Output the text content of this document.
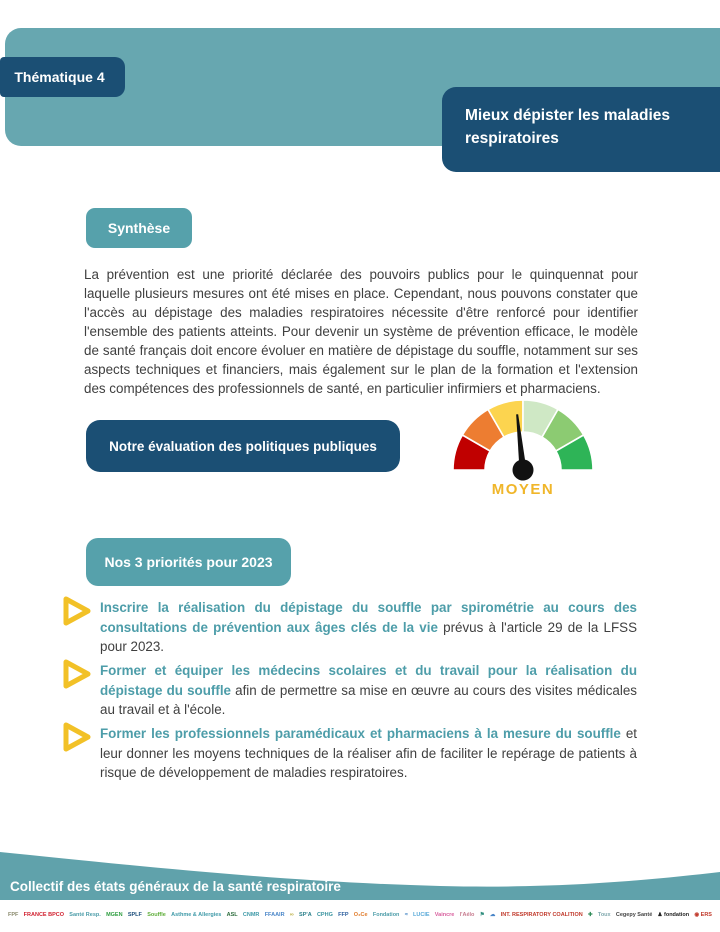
Thématique 4
Mieux dépister les maladies respiratoires
Synthèse

La prévention est une priorité déclarée des pouvoirs publics pour le quinquennat pour laquelle plusieurs mesures ont été mises en place. Cependant, nous pouvons constater que l'accès au dépistage des maladies respiratoires nécessite d'être renforcé pour identifier l'ensemble des patients atteints. Pour devenir un système de prévention efficace, le modèle de santé français doit encore évoluer en matière de dépistage du souffle, notamment sur ses aspects techniques et financiers, mais également sur le plan de la formation et l'extension des compétences des professionnels de santé, en particulier infirmiers et pharmaciens.

Notre évaluation des politiques publiques
MOYEN
Nos 3 priorités pour 2023
Inscrire la réalisation du dépistage du souffle par spirométrie au cours des consultations de prévention aux âges clés de la vie prévus à l'article 29 de la LFSS pour 2023.
Former et équiper les médecins scolaires et du travail pour la réalisation du dépistage du souffle afin de permettre sa mise en œuvre au cours des visites médicales au travail et à l'école.
Former les professionnels paramédicaux et pharmaciens à la mesure du souffle et leur donner les moyens techniques de la réaliser afin de faciliter le repérage de patients à risque de développement de maladies respiratoires.
Collectif des états généraux de la santé respiratoire
FPF FRANCE BPCO Santé Resp. MGEN SPLF Souffle Asthme & Allergies ASL CNMR FFAAIR ∞ SP'A CPHG FFP O₂Ce Fondation ≈ LUCIE Vaincre l'Aélo ⚑ ☁ INT. RESPIRATORY COALITION ✚ Toux Cegepy Santé ♟ fondation ◉ ERS
